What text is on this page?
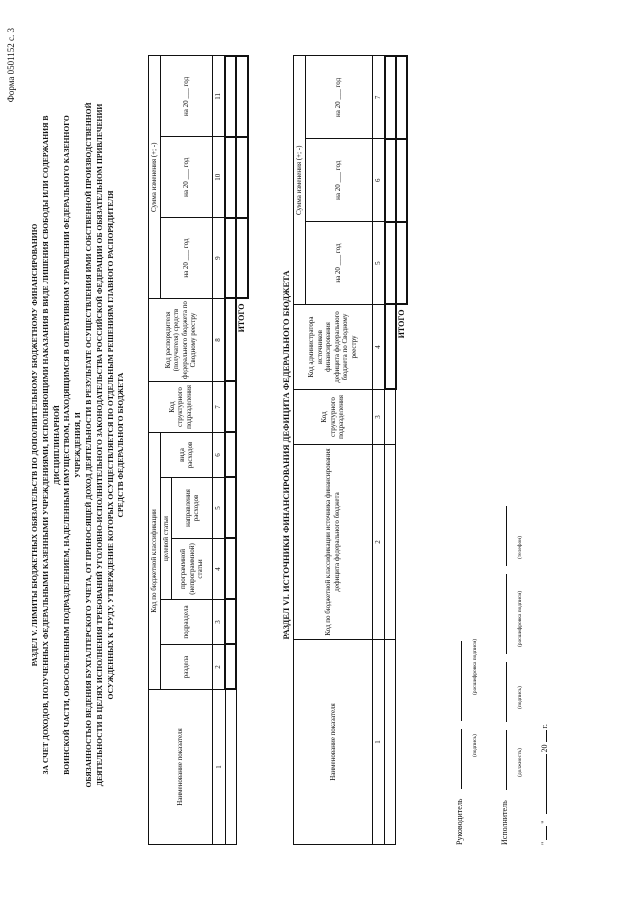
Форма 0501152 с. 3
РАЗДЕЛ V. ЛИМИТЫ БЮДЖЕТНЫХ ОБЯЗАТЕЛЬСТВ ПО ДОПОЛНИТЕЛЬНОМУ БЮДЖЕТНОМУ ФИНАНСИРОВАНИЮ ЗА СЧЕТ ДОХОДОВ, ПОЛУЧЕННЫХ ФЕДЕРАЛЬНЫМИ КАЗЕННЫМИ УЧРЕЖДЕНИЯМИ, ИСПОЛНЯЮЩИМИ НАКАЗАНИЯ В ВИДЕ ЛИШЕНИЯ СВОБОДЫ ИЛИ СОДЕРЖАНИЯ В ДИСЦИПЛИНАРНОЙ ВОИНСКОЙ ЧАСТИ, ОБОСОБЛЕННЫМ ПОДРАЗДЕЛЕНИЕМ, НАДЕЛЕННЫМ ИМУЩЕСТВОМ, НАХОДЯЩИМСЯ В ОПЕРАТИВНОМ УПРАВЛЕНИИ ФЕДЕРАЛЬНОГО КАЗЕННОГО УЧРЕЖДЕНИЯ, И ОБЯЗАННОСТЬЮ ВЕДЕНИЯ БУХГАЛТЕРСКОГО УЧЕТА, ОТ ПРИНОСЯЩЕЙ ДОХОД ДЕЯТЕЛЬНОСТИ В РЕЗУЛЬТАТЕ ОСУЩЕСТВЛЕНИЯ ИМИ СОБСТВЕННОЙ ПРОИЗВОДСТВЕННОЙ ДЕЯТЕЛЬНОСТИ В ЦЕЛЯХ ИСПОЛНЕНИЯ ТРЕБОВАНИЙ УГОЛОВНО-ИСПОЛНИТЕЛЬНОГО ЗАКОНОДАТЕЛЬСТВА РОССИЙСКОЙ ФЕДЕРАЦИИ ОБ ОБЯЗАТЕЛЬНОМ ПРИВЛЕЧЕНИИ ОСУЖДЕННЫХ К ТРУДУ, УТВЕРЖДЕНИЕ КОТОРЫХ ОСУЩЕСТВЛЯЕТСЯ ПО ОТДЕЛЬНЫМ РЕШЕНИЯМ ГЛАВНОГО РАСПОРЯДИТЕЛЯ СРЕДСТВ ФЕДЕРАЛЬНОГО БЮДЖЕТА
Наименование показателя	Код по бюджетной классификации					Код структурного подразделения	Код распорядителя (получателя) средств федерального бюджета по Сводному реестру	Сумма изменения (+; -)		
	раздела	подраздела	целевой статьи		вида расходов			на 20 ___ год	на 20 ___ год	на 20 ___ год
			программной (непрограммной) статьи	направления расходов						
1	2	3	4	5	6	7	8	9	10	11

ИТОГО											РАЗДЕЛ VI. ИСТОЧНИКИ ФИНАНСИРОВАНИЯ ДЕФИЦИТА ФЕДЕРАЛЬНОГО БЮДЖЕТА
Наименование показателя	Код по бюджетной классификации источника финансирования дефицита федерального бюджета	Код структурного подразделения	Код администратора источников финансирования дефицита федерального бюджета по Сводному реестру	Сумма изменения (+; -)		
				на 20 ___ год	на 20 ___ год	на 20 ___ год
1	2	3	4	5	6	7

ИТОГО						
Руководитель
(подпись)
(расшифровка подписи)
Исполнитель
(должность)
(подпись)
(расшифровка подписи)
(телефон)
"  "  20  г.
